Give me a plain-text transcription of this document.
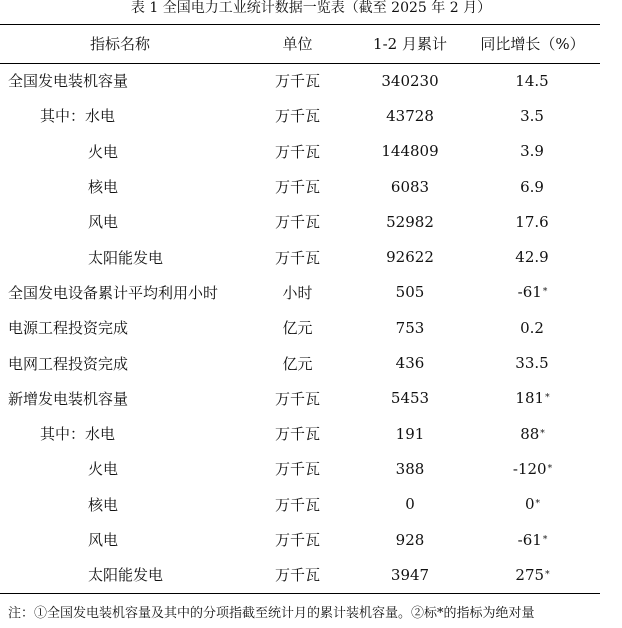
表 1 全国电力工业统计数据一览表（截至 2025 年 2 月）
指标名称	单位	1-2 月累计	同比增长（%）
全国发电装机容量	万千瓦	340230	14.5
其中：水电	万千瓦	43728	3.5
火电	万千瓦	144809	3.9
核电	万千瓦	6083	6.9
风电	万千瓦	52982	17.6
太阳能发电	万千瓦	92622	42.9
全国发电设备累计平均利用小时	小时	505	-61 *
电源工程投资完成	亿元	753	0.2
电网工程投资完成	亿元	436	33.5
新增发电装机容量	万千瓦	5453	181 *
其中：水电	万千瓦	191	88 *
火电	万千瓦	388	-120 *
核电	万千瓦	0	0 *
风电	万千瓦	928	-61 *
太阳能发电	万千瓦	3947	275 *
注：①全国发电装机容量及其中的分项指截至统计月的累计装机容量。②标*的指标为绝对量
